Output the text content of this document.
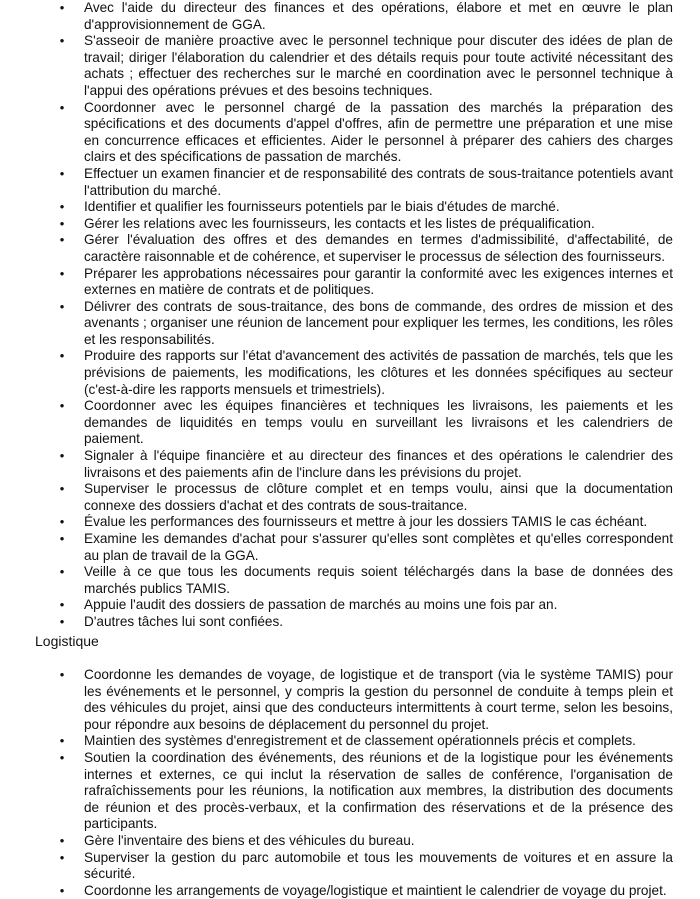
• Avec l'aide du directeur des finances et des opérations, élabore et met en œuvre le plan d'approvisionnement de GGA.
• S'asseoir de manière proactive avec le personnel technique pour discuter des idées de plan de travail; diriger l'élaboration du calendrier et des détails requis pour toute activité nécessitant des achats ; effectuer des recherches sur le marché en coordination avec le personnel technique à l'appui des opérations prévues et des besoins techniques.
• Coordonner avec le personnel chargé de la passation des marchés la préparation des spécifications et des documents d'appel d'offres, afin de permettre une préparation et une mise en concurrence efficaces et efficientes. Aider le personnel à préparer des cahiers des charges clairs et des spécifications de passation de marchés.
• Effectuer un examen financier et de responsabilité des contrats de sous-traitance potentiels avant l'attribution du marché.
• Identifier et qualifier les fournisseurs potentiels par le biais d'études de marché.
• Gérer les relations avec les fournisseurs, les contacts et les listes de préqualification.
• Gérer l'évaluation des offres et des demandes en termes d'admissibilité, d'affectabilité, de caractère raisonnable et de cohérence, et superviser le processus de sélection des fournisseurs.
• Préparer les approbations nécessaires pour garantir la conformité avec les exigences internes et externes en matière de contrats et de politiques.
• Délivrer des contrats de sous-traitance, des bons de commande, des ordres de mission et des avenants ; organiser une réunion de lancement pour expliquer les termes, les conditions, les rôles et les responsabilités.
• Produire des rapports sur l'état d'avancement des activités de passation de marchés, tels que les prévisions de paiements, les modifications, les clôtures et les données spécifiques au secteur (c'est-à-dire les rapports mensuels et trimestriels).
• Coordonner avec les équipes financières et techniques les livraisons, les paiements et les demandes de liquidités en temps voulu en surveillant les livraisons et les calendriers de paiement.
• Signaler à l'équipe financière et au directeur des finances et des opérations le calendrier des livraisons et des paiements afin de l'inclure dans les prévisions du projet.
• Superviser le processus de clôture complet et en temps voulu, ainsi que la documentation connexe des dossiers d'achat et des contrats de sous-traitance.
• Évalue les performances des fournisseurs et mettre à jour les dossiers TAMIS le cas échéant.
• Examine les demandes d'achat pour s'assurer qu'elles sont complètes et qu'elles correspondent au plan de travail de la GGA.
• Veille à ce que tous les documents requis soient téléchargés dans la base de données des marchés publics TAMIS.
• Appuie l'audit des dossiers de passation de marchés au moins une fois par an.
• D'autres tâches lui sont confiées.
Logistique
• Coordonne les demandes de voyage, de logistique et de transport (via le système TAMIS) pour les événements et le personnel, y compris la gestion du personnel de conduite à temps plein et des véhicules du projet, ainsi que des conducteurs intermittents à court terme, selon les besoins, pour répondre aux besoins de déplacement du personnel du projet.
• Maintien des systèmes d'enregistrement et de classement opérationnels précis et complets.
• Soutien la coordination des événements, des réunions et de la logistique pour les événements internes et externes, ce qui inclut la réservation de salles de conférence, l'organisation de rafraîchissements pour les réunions, la notification aux membres, la distribution des documents de réunion et des procès-verbaux, et la confirmation des réservations et de la présence des participants.
• Gère l'inventaire des biens et des véhicules du bureau.
• Superviser la gestion du parc automobile et tous les mouvements de voitures et en assure la sécurité.
• Coordonne les arrangements de voyage/logistique et maintient le calendrier de voyage du projet.
